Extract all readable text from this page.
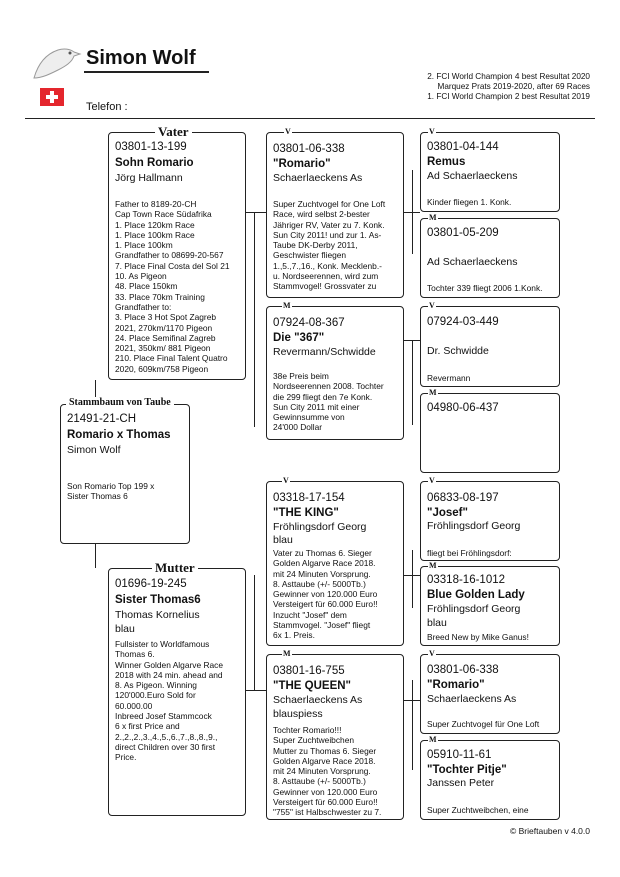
Simon Wolf
Telefon :
2. FCI World Champion 4 best Resultat 2020
Marquez Prats 2019-2020, after 69 Races
1. FCI World Champion 2 best Resultat 2019
03801-13-199
Sohn Romario
Jörg Hallmann
Father to 8189-20-CH
Cap Town Race Südafrika
1. Place 120km Race
1. Place 100km Race
1. Place 100km
Grandfather to 08699-20-567
7. Place Final Costa del Sol 21
10. As Pigeon
48. Place 150km
33. Place 70km Training
Grandfather to:
3. Place 3 Hot Spot Zagreb
2021, 270km/1170 Pigeon
24. Place Semifinal Zagreb
2021, 350km/ 881 Pigeon
210. Place Final Talent Quatro
2020, 609km/758 Pigeon
Vater
21491-21-CH
Romario x Thomas
Simon Wolf
Son Romario Top 199 x
Sister Thomas 6
Stammbaum von Taube
01696-19-245
Sister Thomas6
Thomas Kornelius
blau
Fullsister to Worldfamous
Thomas 6.
Winner Golden Algarve Race
2018 with 24 min. ahead and
8. As Pigeon. Winning
120'000.Euro Sold for
60.000.00
Inbreed Josef Stammcock
6 x first Price and
2.,2.,2.,3.,4.,5.,6.,7.,8.,8.,9.,
direct Children over 30 first
Price.
Mutter
03801-06-338
"Romario"
Schaerlaeckens As
Super Zuchtvogel for One Loft
Race, wird selbst 2-bester
Jähriger RV, Vater zu 7. Konk.
Sun City 2011! und zur 1. As-
Taube DK-Derby 2011,
Geschwister fliegen
1.,5.,7.,16., Konk. Mecklenb.-
u. Nordseerennen, wird zum
Stammvogel! Grossvater zu
V
07924-08-367
Die "367"
Revermann/Schwidde
38e Preis beim
Nordseerennen 2008. Tochter
die 299 fliegt den 7e Konk.
Sun City 2011 mit einer
Gewinnsumme von
24'000 Dollar
M
03318-17-154
"THE KING"
Fröhlingsdorf Georg
blau
Vater zu Thomas 6. Sieger
Golden Algarve Race 2018.
mit 24 Minuten Vorsprung.
8. Asttaube (+/- 5000Tb.)
Gewinner von 120.000 Euro
Versteigert für 60.000 Euro!!
Inzucht "Josef" dem
Stammvogel. "Josef" fliegt
6x 1. Preis.
V
03801-16-755
"THE QUEEN"
Schaerlaeckens As
blauspiess
Tochter Romario!!!
Super Zuchtweibchen
Mutter zu Thomas 6. Sieger
Golden Algarve Race 2018.
mit 24 Minuten Vorsprung.
8. Asttaube (+/- 5000Tb.)
Gewinner von 120.000 Euro
Versteigert für 60.000 Euro!!
"755" ist Halbschwester zu 7.
M
03801-04-144
Remus
Ad Schaerlaeckens
Kinder fliegen 1. Konk.
V
03801-05-209
Ad Schaerlaeckens
Tochter 339 fliegt 2006 1.Konk.
M
07924-03-449
Dr. Schwidde
Revermann
V
04980-06-437
M
06833-08-197
"Josef"
Fröhlingsdorf Georg
fliegt bei Fröhlingsdorf:
V
03318-16-1012
Blue Golden Lady
Fröhlingsdorf Georg
blau
Breed New by Mike Ganus!
M
03801-06-338
"Romario"
Schaerlaeckens As
Super Zuchtvogel für One Loft
V
05910-11-61
"Tochter Pitje"
Janssen Peter
Super Zuchtweibchen, eine
M
© Brieftauben v 4.0.0
